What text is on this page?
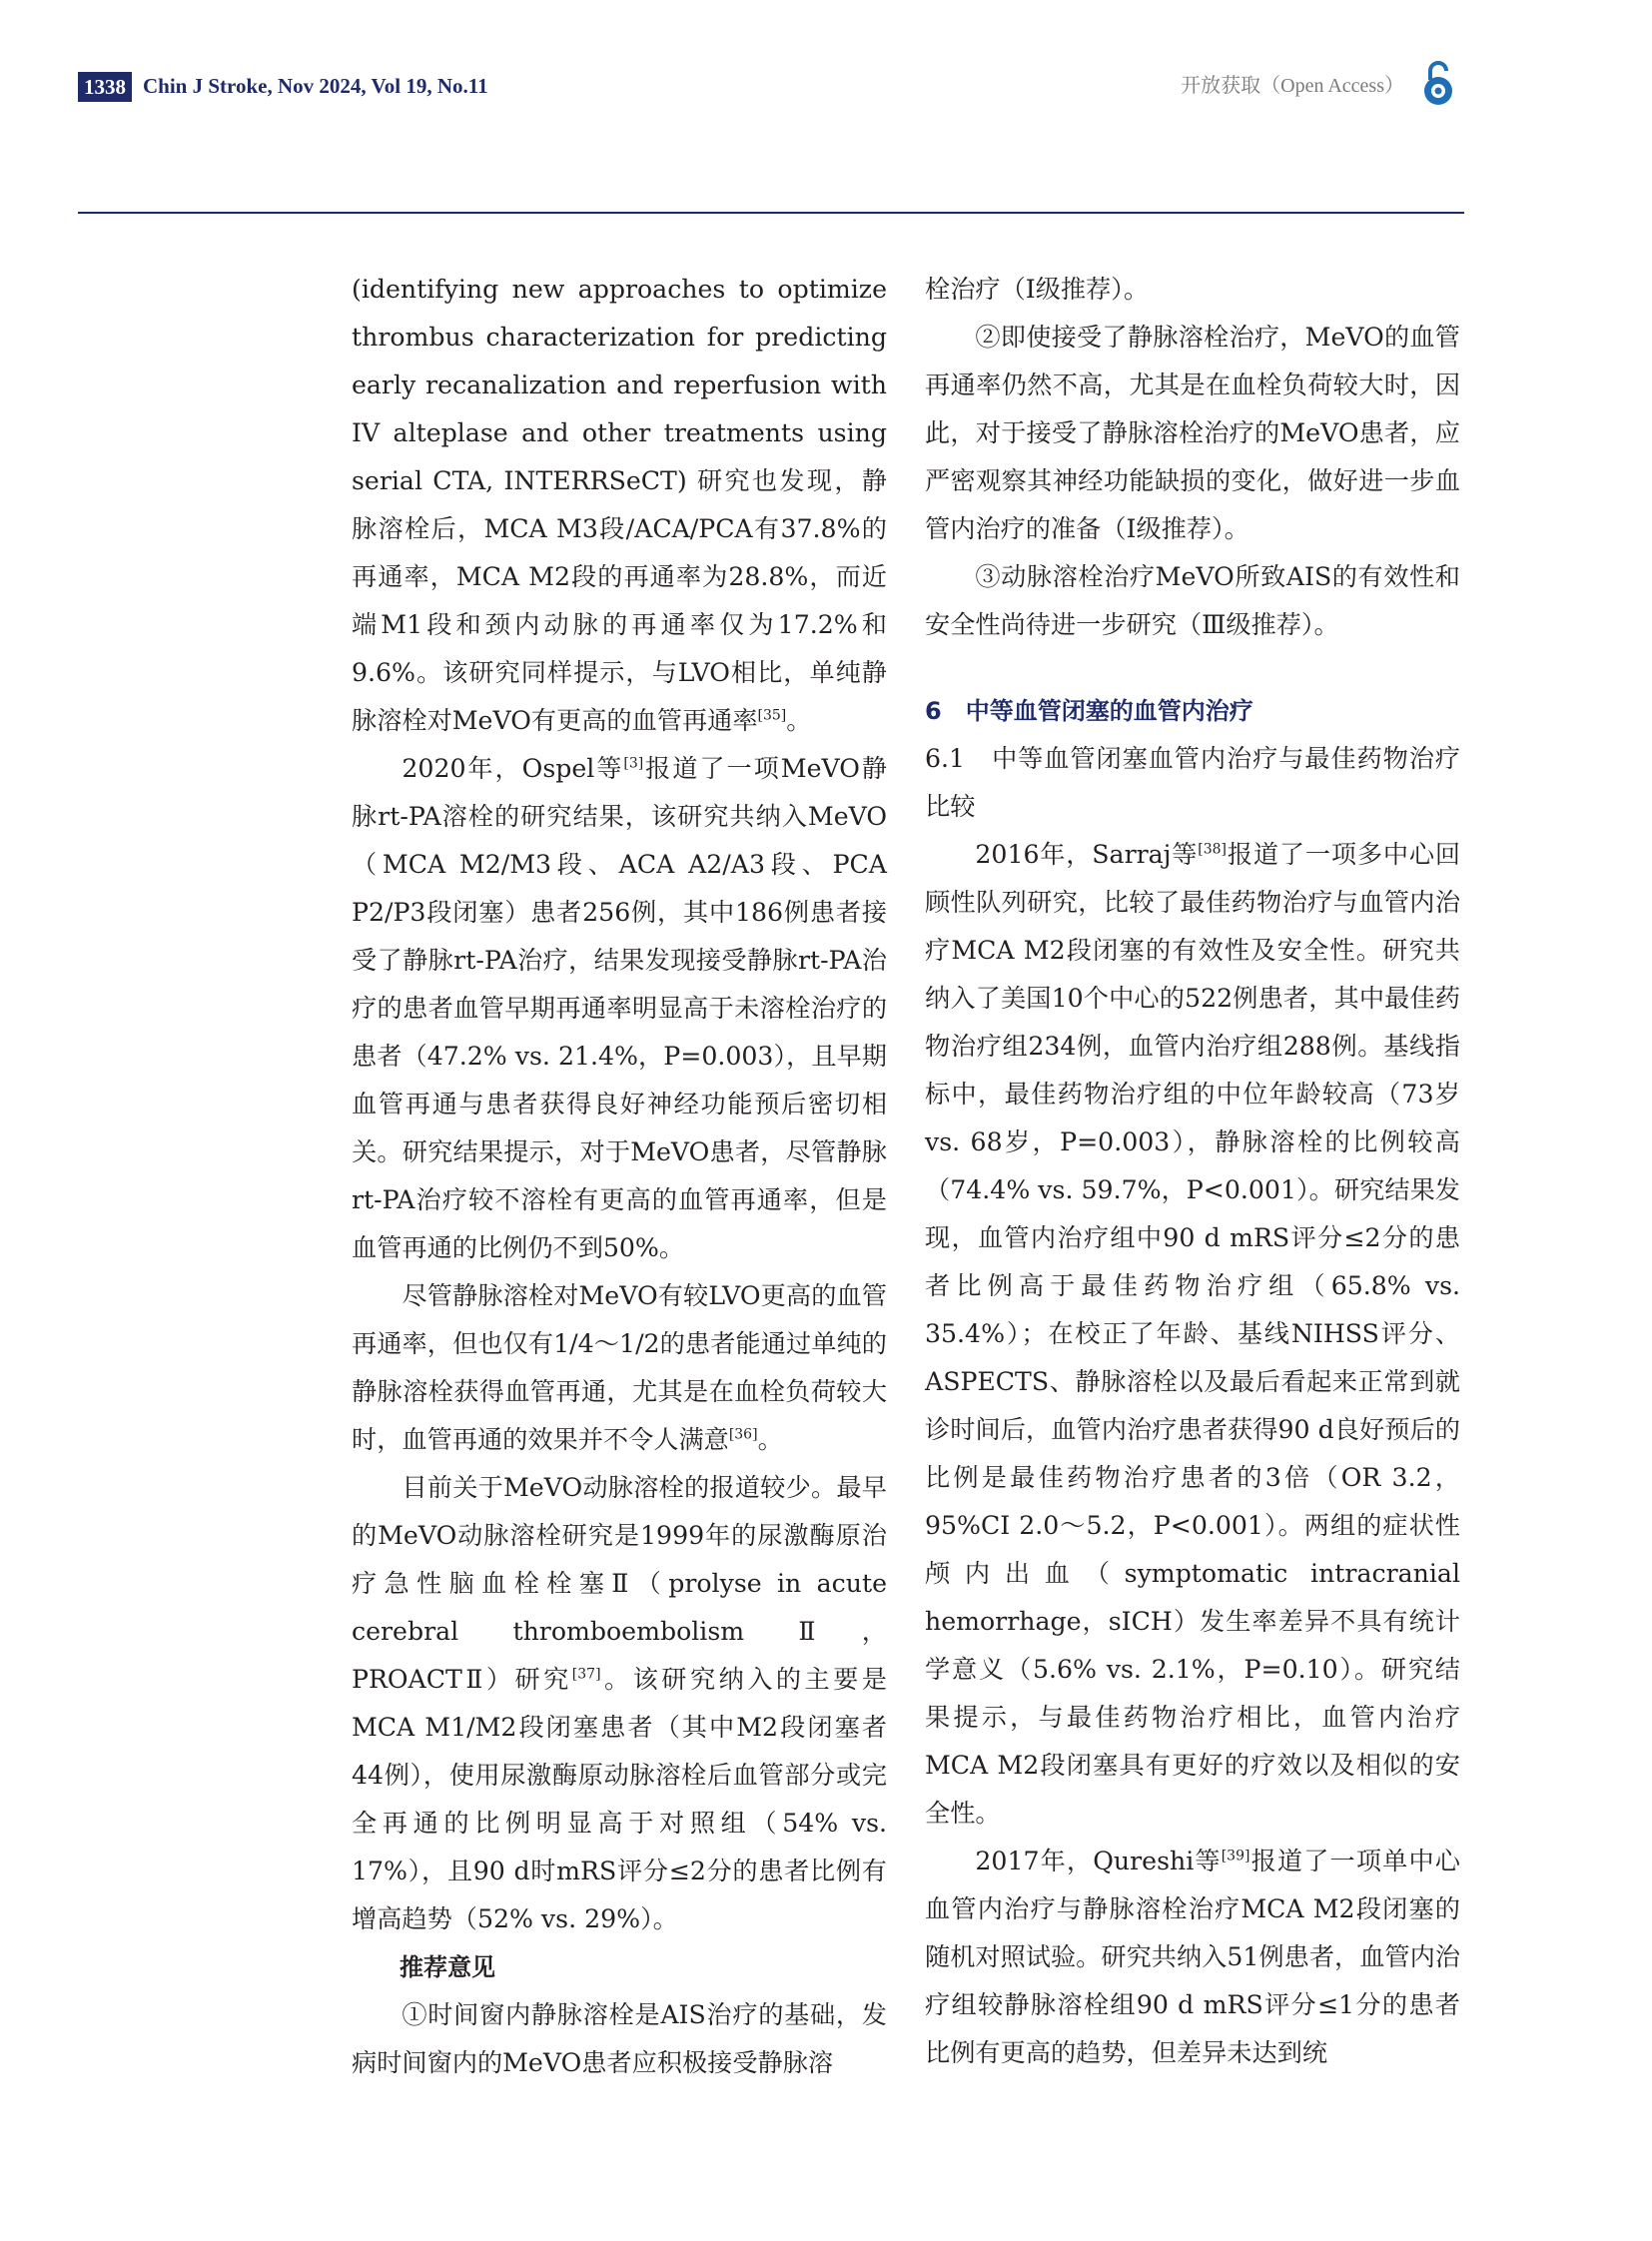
1338 Chin J Stroke, Nov 2024, Vol 19, No.11	开放获取（Open Access）

(identifying new approaches to optimize thrombus characterization for predicting early recanalization and reperfusion with IV alteplase and other treatments using serial CTA, INTERRSeCT) 研究也发现，静脉溶栓后，MCA M3段/ACA/PCA有37.8%的再通率，MCA M2段的再通率为28.8%，而近端M1段和颈内动脉的再通率仅为17.2%和9.6%。该研究同样提示，与LVO相比，单纯静脉溶栓对MeVO有更高的血管再通率[35]。

2020年，Ospel等[3]报道了一项MeVO静脉rt-PA溶栓的研究结果，该研究共纳入MeVO（MCA M2/M3段、ACA A2/A3段、PCA P2/P3段闭塞）患者256例，其中186例患者接受了静脉rt-PA治疗，结果发现接受静脉rt-PA治疗的患者血管早期再通率明显高于未溶栓治疗的患者（47.2% vs. 21.4%，P=0.003），且早期血管再通与患者获得良好神经功能预后密切相关。研究结果提示，对于MeVO患者，尽管静脉rt-PA治疗较不溶栓有更高的血管再通率，但是血管再通的比例仍不到50%。

尽管静脉溶栓对MeVO有较LVO更高的血管再通率，但也仅有1/4～1/2的患者能通过单纯的静脉溶栓获得血管再通，尤其是在血栓负荷较大时，血管再通的效果并不令人满意[36]。

目前关于MeVO动脉溶栓的报道较少。最早的MeVO动脉溶栓研究是1999年的尿激酶原治疗急性脑血栓栓塞Ⅱ（prolyse in acute cerebral thromboembolism Ⅱ，PROACTⅡ）研究[37]。该研究纳入的主要是MCA M1/M2段闭塞患者（其中M2段闭塞者44例），使用尿激酶原动脉溶栓后血管部分或完全再通的比例明显高于对照组（54% vs. 17%），且90 d时mRS评分≤2分的患者比例有增高趋势（52% vs. 29%）。

推荐意见

①时间窗内静脉溶栓是AIS治疗的基础，发病时间窗内的MeVO患者应积极接受静脉溶

栓治疗（Ⅰ级推荐）。

②即使接受了静脉溶栓治疗，MeVO的血管再通率仍然不高，尤其是在血栓负荷较大时，因此，对于接受了静脉溶栓治疗的MeVO患者，应严密观察其神经功能缺损的变化，做好进一步血管内治疗的准备（Ⅰ级推荐）。

③动脉溶栓治疗MeVO所致AIS的有效性和安全性尚待进一步研究（Ⅲ级推荐）。

6　中等血管闭塞的血管内治疗

6.1　中等血管闭塞血管内治疗与最佳药物治疗比较

2016年，Sarraj等[38]报道了一项多中心回顾性队列研究，比较了最佳药物治疗与血管内治疗MCA M2段闭塞的有效性及安全性。研究共纳入了美国10个中心的522例患者，其中最佳药物治疗组234例，血管内治疗组288例。基线指标中，最佳药物治疗组的中位年龄较高（73岁 vs. 68岁，P=0.003），静脉溶栓的比例较高（74.4% vs. 59.7%，P<0.001）。研究结果发现，血管内治疗组中90 d mRS评分≤2分的患者比例高于最佳药物治疗组（65.8% vs. 35.4%）；在校正了年龄、基线NIHSS评分、ASPECTS、静脉溶栓以及最后看起来正常到就诊时间后，血管内治疗患者获得90 d良好预后的比例是最佳药物治疗患者的3倍（OR 3.2，95%CI 2.0～5.2，P<0.001）。两组的症状性颅内出血（symptomatic intracranial hemorrhage，sICH）发生率差异不具有统计学意义（5.6% vs. 2.1%，P=0.10）。研究结果提示，与最佳药物治疗相比，血管内治疗MCA M2段闭塞具有更好的疗效以及相似的安全性。

2017年，Qureshi等[39]报道了一项单中心血管内治疗与静脉溶栓治疗MCA M2段闭塞的随机对照试验。研究共纳入51例患者，血管内治疗组较静脉溶栓组90 d mRS评分≤1分的患者比例有更高的趋势，但差异未达到统
